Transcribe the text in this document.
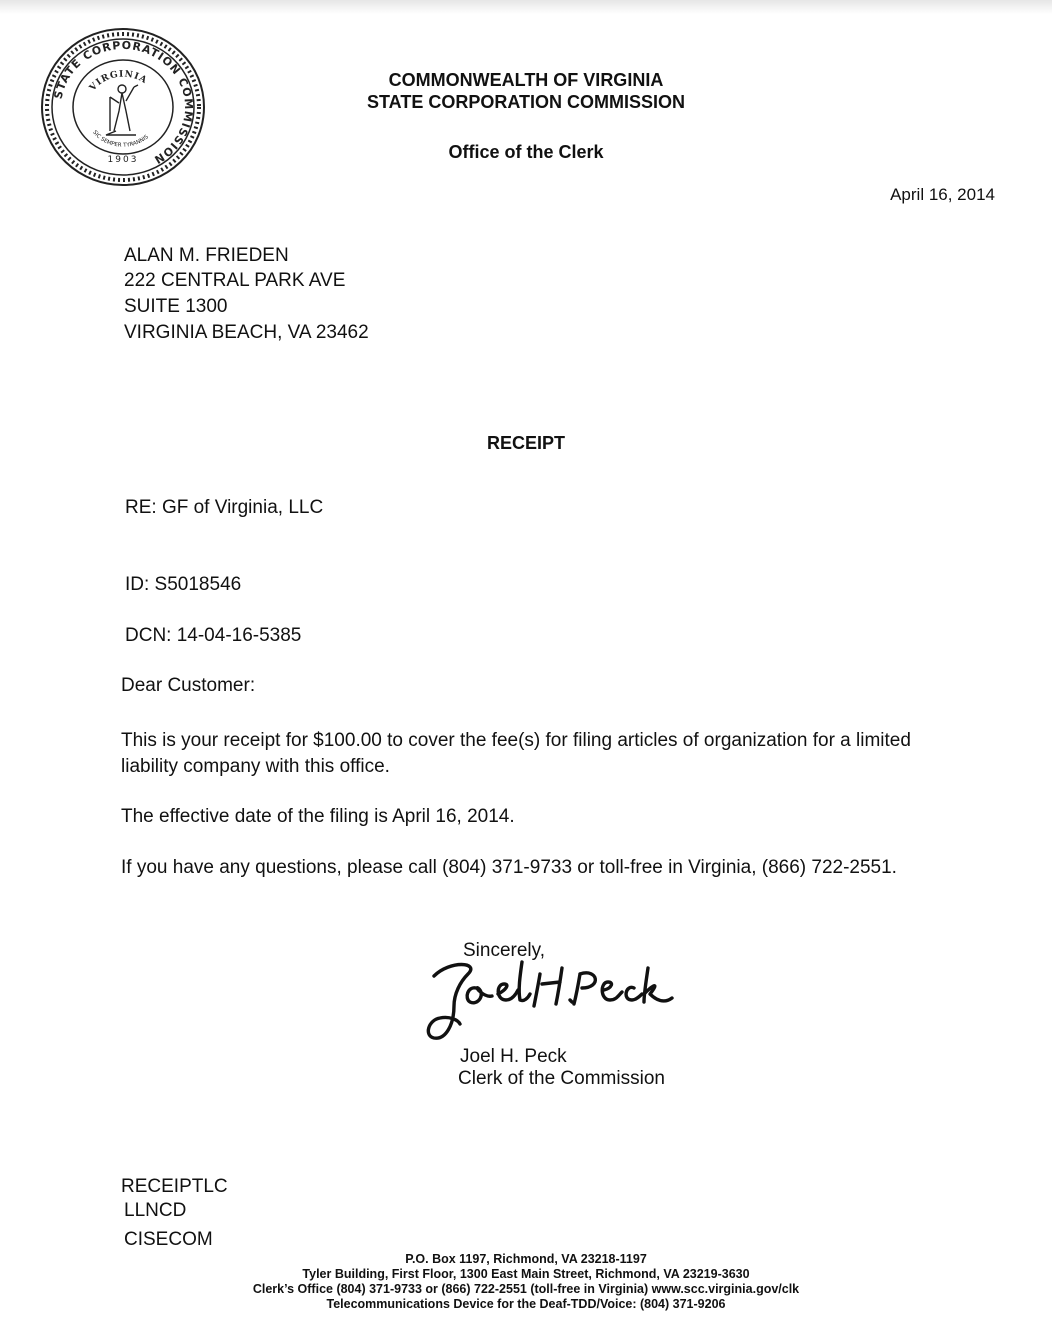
STATE CORPORATION COMMISSION
VIRGINIA
SIC SEMPER TYRANNIS
1903
COMMONWEALTH OF VIRGINIA
STATE CORPORATION COMMISSION
Office of the Clerk
April 16, 2014
ALAN M. FRIEDEN
222 CENTRAL PARK AVE
SUITE 1300
VIRGINIA BEACH, VA 23462
RECEIPT
RE: GF of Virginia, LLC
ID: S5018546
DCN: 14-04-16-5385
Dear Customer:
This is your receipt for $100.00 to cover the fee(s) for filing articles of organization for a limited
liability company with this office.
The effective date of the filing is April 16, 2014.
If you have any questions, please call (804) 371-9733 or toll-free in Virginia, (866) 722-2551.
Sincerely,
Joel H. Peck
Clerk of the Commission
RECEIPTLC
LLNCD
CISECOM
P.O. Box 1197, Richmond, VA 23218-1197
Tyler Building, First Floor, 1300 East Main Street, Richmond, VA 23219-3630
Clerk’s Office (804) 371-9733 or (866) 722-2551 (toll-free in Virginia) www.scc.virginia.gov/clk
Telecommunications Device for the Deaf-TDD/Voice: (804) 371-9206
